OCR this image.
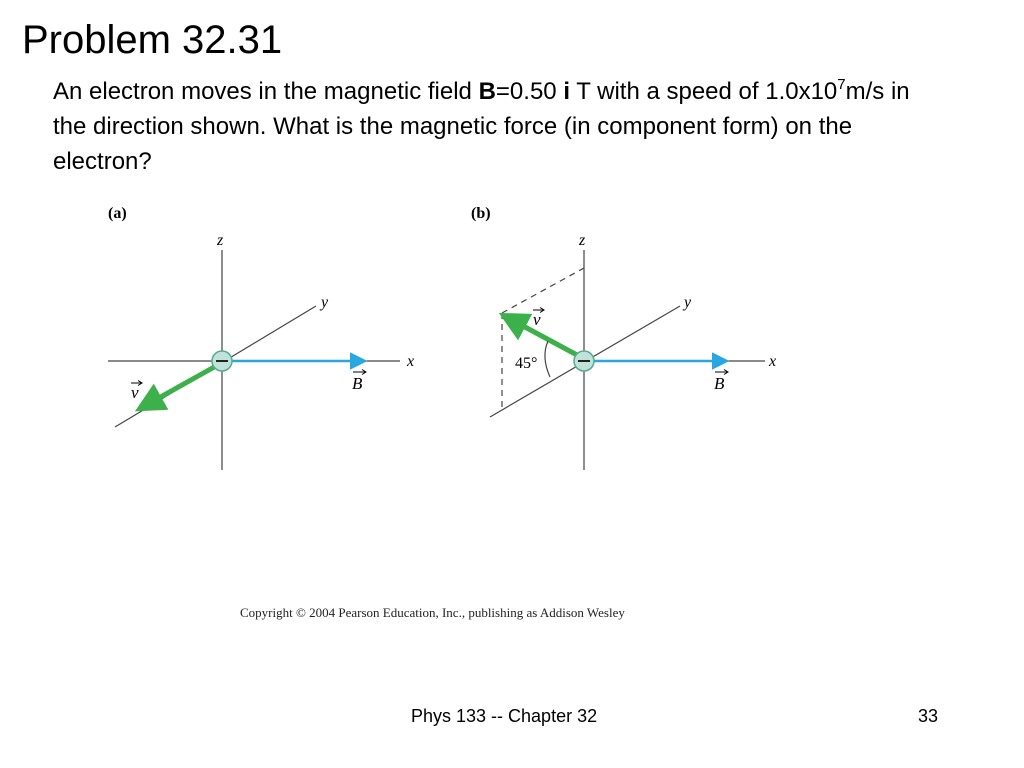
Problem 32.31
An electron moves in the magnetic field B=0.50 i T with a speed of $1.0x10^7m/s$ in the direction shown. What is the magnetic force (in component form) on the electron?
(a)
z
y
x
B
v
(b)
z
y
x
B
v
45°
Copyright © 2004 Pearson Education, Inc., publishing as Addison Wesley
Phys 133 -- Chapter 32	33
